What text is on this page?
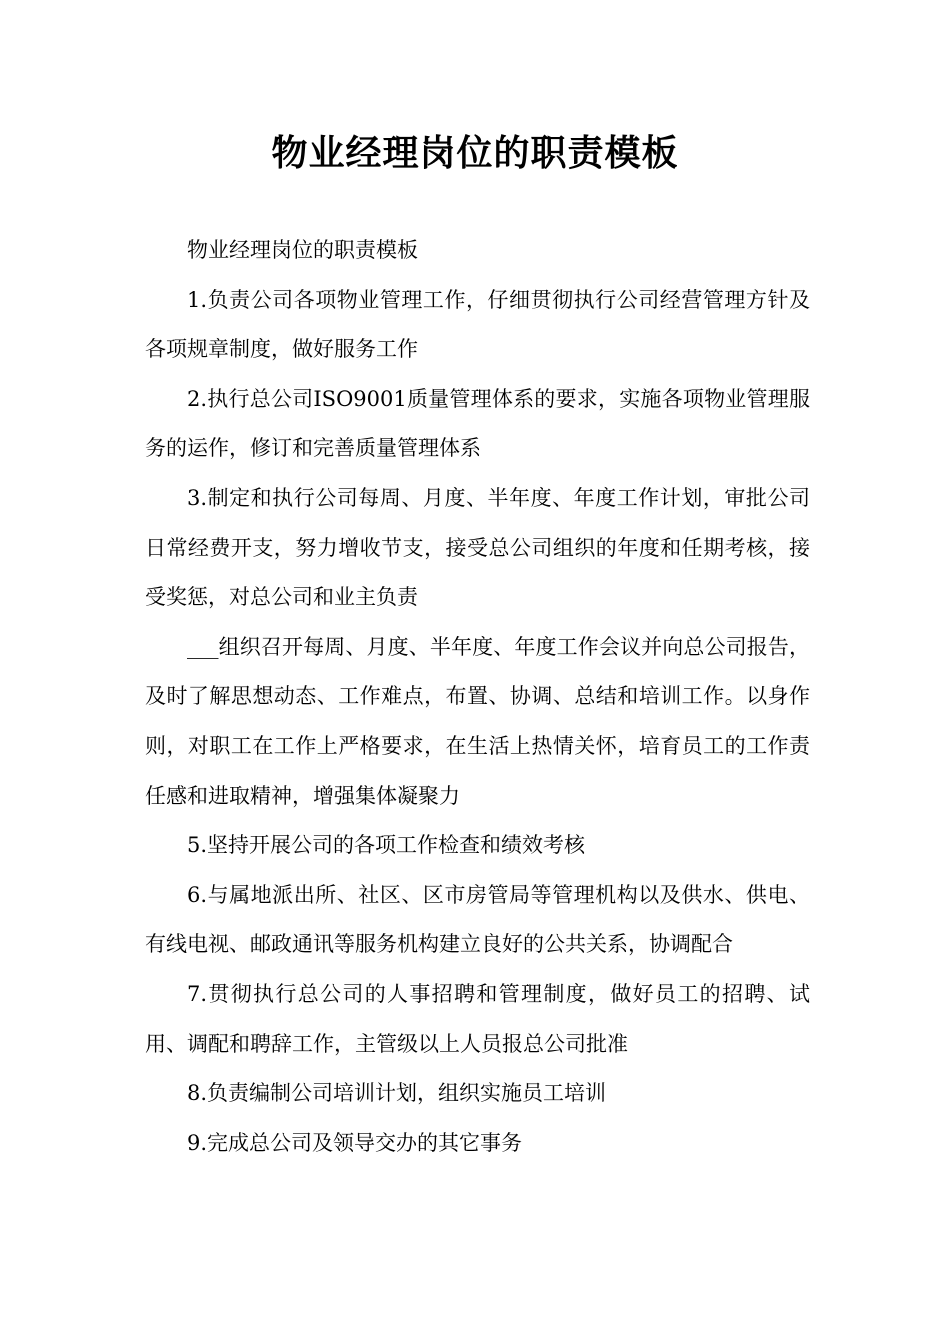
物业经理岗位的职责模板

物业经理岗位的职责模板

1.负责公司各项物业管理工作，仔细贯彻执行公司经营管理方针及各项规章制度，做好服务工作

2.执行总公司ISO9001质量管理体系的要求，实施各项物业管理服务的运作，修订和完善质量管理体系

3.制定和执行公司每周、月度、半年度、年度工作计划，审批公司日常经费开支，努力增收节支，接受总公司组织的年度和任期考核，接受奖惩，对总公司和业主负责

___组织召开每周、月度、半年度、年度工作会议并向总公司报告，及时了解思想动态、工作难点，布置、协调、总结和培训工作。以身作则，对职工在工作上严格要求，在生活上热情关怀，培育员工的工作责任感和进取精神，增强集体凝聚力

5.坚持开展公司的各项工作检查和绩效考核

6.与属地派出所、社区、区市房管局等管理机构以及供水、供电、有线电视、邮政通讯等服务机构建立良好的公共关系，协调配合

7.贯彻执行总公司的人事招聘和管理制度，做好员工的招聘、试用、调配和聘辞工作，主管级以上人员报总公司批准

8.负责编制公司培训计划，组织实施员工培训

9.完成总公司及领导交办的其它事务
